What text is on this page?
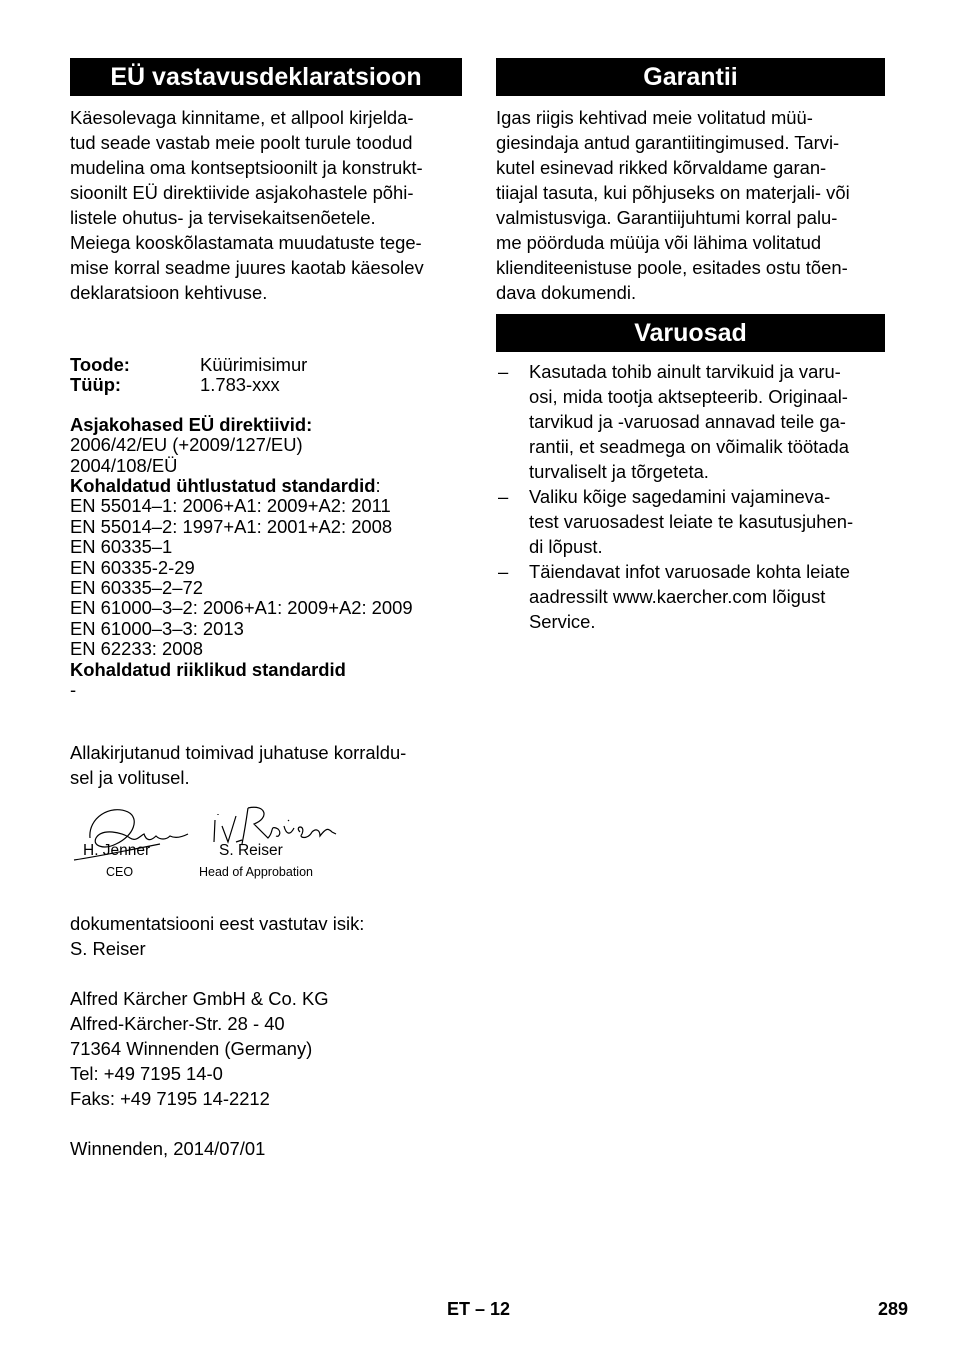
EÜ vastavusdeklaratsioon
Käesolevaga kinnitame, et allpool kirjelda-
tud seade vastab meie poolt turule toodud
mudelina oma kontseptsioonilt ja konstrukt-
sioonilt EÜ direktiivide asjakohastele põhi-
listele ohutus- ja tervisekaitsenõetele.
Meiega kooskõlastamata muudatuste tege-
mise korral seadme juures kaotab käesolev
deklaratsioon kehtivuse.
Toode:	Küürimisimur
Tüüp:	1.783-xxx
Asjakohased EÜ direktiivid:
2006/42/EU (+2009/127/EU)
2004/108/EÜ
Kohaldatud ühtlustatud standardid:
EN 55014–1: 2006+A1: 2009+A2: 2011
EN 55014–2: 1997+A1: 2001+A2: 2008
EN 60335–1
EN 60335-2-29
EN 60335–2–72
EN 61000–3–2: 2006+A1: 2009+A2: 2009
EN 61000–3–3: 2013
EN 62233: 2008
Kohaldatud riiklikud standardid
-
Allakirjutanud toimivad juhatuse korraldu-
sel ja volitusel.
H. Jenner
CEO
S. Reiser
Head of Approbation
dokumentatsiooni eest vastutav isik:
S. Reiser
Alfred Kärcher GmbH & Co. KG
Alfred-Kärcher-Str. 28 - 40
71364 Winnenden (Germany)
Tel: +49 7195 14-0
Faks: +49 7195 14-2212
Winnenden, 2014/07/01
Garantii
Igas riigis kehtivad meie volitatud müü-
giesindaja antud garantiitingimused. Tarvi-
kutel esinevad rikked kõrvaldame garan-
tiiajal tasuta, kui põhjuseks on materjali- või
valmistusviga. Garantiijuhtumi korral palu-
me pöörduda müüja või lähima volitatud
klienditeenistuse poole, esitades ostu tõen-
dava dokumendi.
Varuosad
– Kasutada tohib ainult tarvikuid ja varu-
osi, mida tootja aktsepteerib. Originaal-
tarvikud ja -varuosad annavad teile ga-
rantii, et seadmega on võimalik töötada
turvaliselt ja tõrgeteta.
– Valiku kõige sagedamini vajamineva-
test varuosadest leiate te kasutusjuhen-
di lõpust.
– Täiendavat infot varuosade kohta leiate
aadressilt www.kaercher.com lõigust
Service.
ET – 12	289
